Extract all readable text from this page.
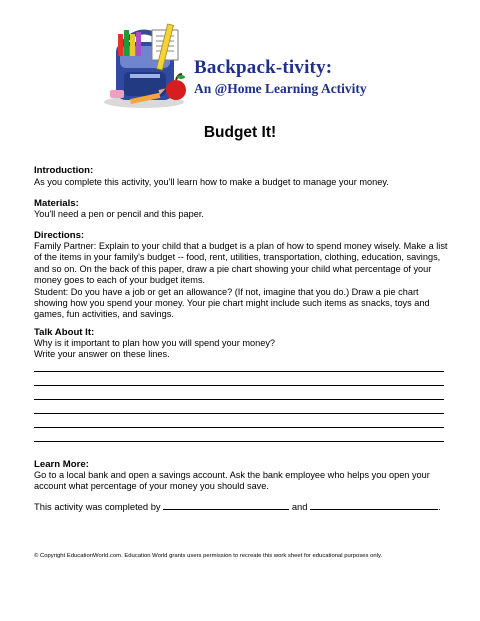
Backpack-tivity:
An @Home Learning Activity
Budget It!
Introduction:
As you complete this activity, you'll learn how to make a budget to manage your money.
Materials:
You'll need a pen or pencil and this paper.
Directions:

Family Partner: Explain to your child that a budget is a plan of how to spend money wisely. Make a list of the items in your family's budget -- food, rent, utilities, transportation, clothing, education, savings, and so on. On the back of this paper, draw a pie chart showing your child what percentage of your money goes to each of your budget items.

Student: Do you have a job or get an allowance? (If not, imagine that you do.) Draw a pie chart showing how you spend your money. Your pie chart might include such items as snacks, toys and games, fun activities, and savings.

Talk About It:

Why is it important to plan how you will spend your money?

Write your answer on these lines.

Learn More:
Go to a local bank and open a savings account. Ask the bank employee who helps you open your account what percentage of your money you should save.
This activity was completed by	and	.
© Copyright EducationWorld.com. Education World grants users permission to recreate this work sheet for educational purposes only.
